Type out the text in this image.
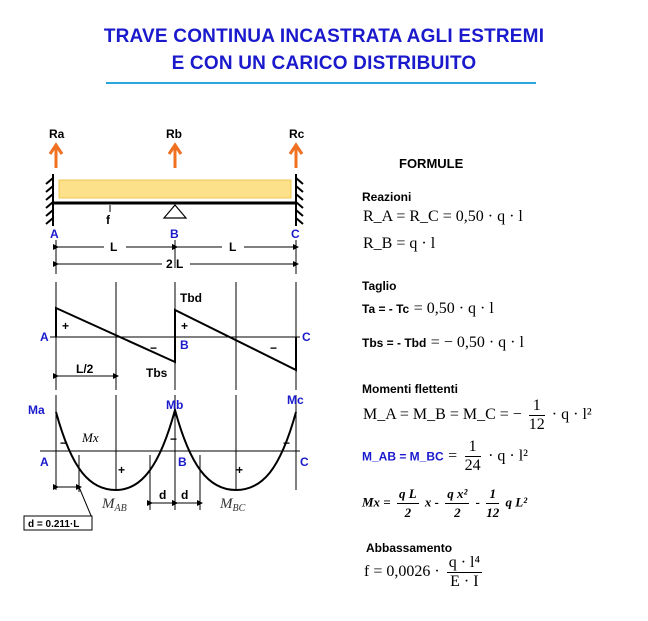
TRAVE CONTINUA INCASTRATA AGLI ESTREMI
E CON UN CARICO DISTRIBUITO
Ra	Rb	Rc
f
A	B	C
L	L
2 L
L/2
A
B
C
Tbd
Tbs
+
−
+
−
d = 0.211·L
Ma	Mb	Mc
A	B	C
Mx
−	−	−
+	+
d d
$M_{AB}$	$M_{BC}$
FORMULE
Reazioni
R_A = R_C = 0,50 · q · l
R_B = q · l
Taglio
Ta = - Tc = 0,50 · q · l
Tbs = - Tbd = − 0,50 · q · l
Momenti flettenti
M_A = M_B = M_C = − $\frac{1}{12} \cdot q \cdot l^2$
M_AB = M_BC = $\frac{1}{24} \cdot q \cdot l^2$
$Mx = \frac{\text{q L}}{2}$ x - $\frac{\text{q x²}}{2} - \frac{1}{12}$ q L²
Abbassamento
$f = 0,0026 \cdot \frac{\text{q · l⁴}}{E \cdot I}$
